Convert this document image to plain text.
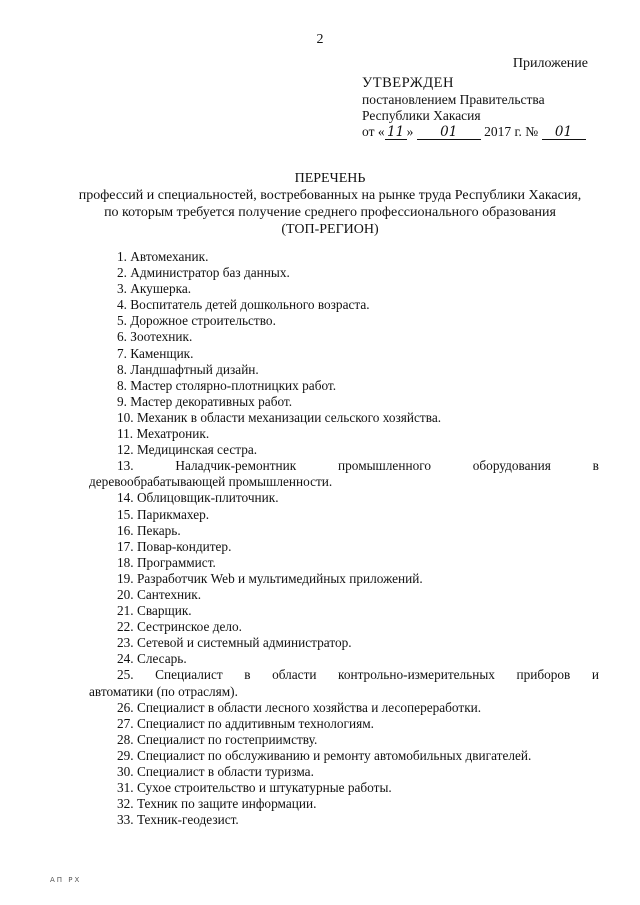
2
Приложение
УТВЕРЖДЕН
постановлением Правительства
Республики Хакасия
от « 11 » 01 2017 г. № 01
ПЕРЕЧЕНЬ
профессий и специальностей, востребованных на рынке труда Республики Хакасия,
по которым требуется получение среднего профессионального образования
(ТОП-РЕГИОН)
1. Автомеханик.
2. Администратор баз данных.
3. Акушерка.
4. Воспитатель детей дошкольного возраста.
5. Дорожное строительство.
6. Зоотехник.
7. Каменщик.
8. Ландшафтный дизайн.
8. Мастер столярно-плотницких работ.
9. Мастер декоративных работ.
10. Механик в области механизации сельского хозяйства.
11. Мехатроник.
12. Медицинская сестра.
13.	Наладчик-ремонтник	промышленного	оборудования	в
деревообрабатывающей промышленности.
14. Облицовщик-плиточник.
15. Парикмахер.
16. Пекарь.
17. Повар-кондитер.
18. Программист.
19. Разработчик Web и мультимедийных приложений.
20. Сантехник.
21. Сварщик.
22. Сестринское дело.
23. Сетевой и системный администратор.
24. Слесарь.
25. Специалист в области контрольно-измерительных приборов и
автоматики (по отраслям).
26. Специалист в области лесного хозяйства и лесопереработки.
27. Специалист по аддитивным технологиям.
28. Специалист по гостеприимству.
29. Специалист по обслуживанию и ремонту автомобильных двигателей.
30. Специалист в области туризма.
31. Сухое строительство и штукатурные работы.
32. Техник по защите информации.
33. Техник-геодезист.
АП РХ
